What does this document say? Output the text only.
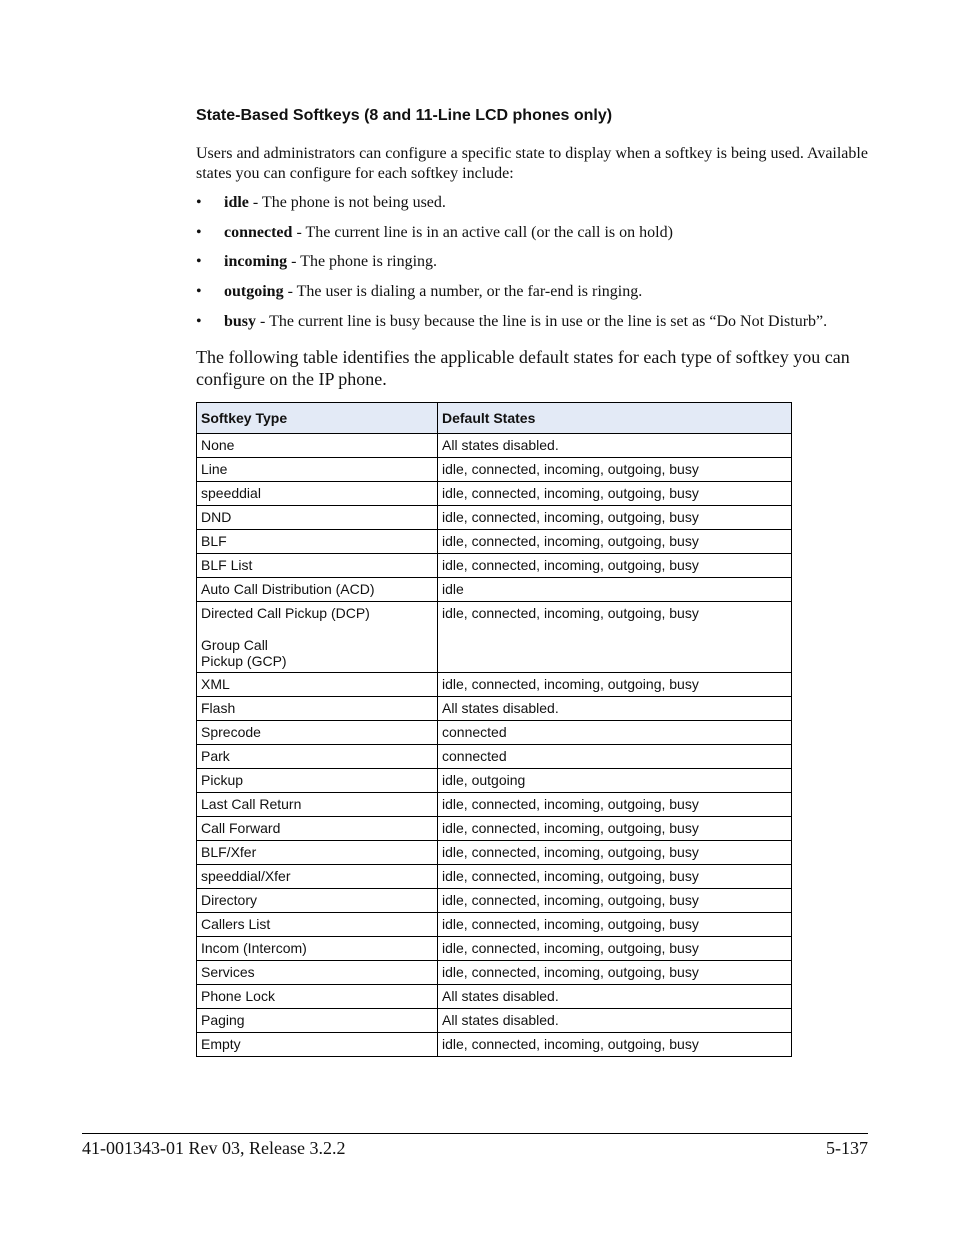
State-Based Softkeys (8 and 11-Line LCD phones only)

Users and administrators can configure a specific state to display when a softkey is being used. Available states you can configure for each softkey include:

• idle - The phone is not being used.
• connected - The current line is in an active call (or the call is on hold)
• incoming - The phone is ringing.
• outgoing - The user is dialing a number, or the far-end is ringing.
• busy - The current line is busy because the line is in use or the line is set as “Do Not Disturb”.

The following table identifies the applicable default states for each type of softkey you can configure on the IP phone.

Softkey Type	Default States
None	All states disabled.
Line	idle, connected, incoming, outgoing, busy
speeddial	idle, connected, incoming, outgoing, busy
DND	idle, connected, incoming, outgoing, busy
BLF	idle, connected, incoming, outgoing, busy
BLF List	idle, connected, incoming, outgoing, busy
Auto Call Distribution (ACD)	idle
Directed Call Pickup (DCP)

Group Call
Pickup (GCP)	idle, connected, incoming, outgoing, busy
XML	idle, connected, incoming, outgoing, busy
Flash	All states disabled.
Sprecode	connected
Park	connected
Pickup	idle, outgoing
Last Call Return	idle, connected, incoming, outgoing, busy
Call Forward	idle, connected, incoming, outgoing, busy
BLF/Xfer	idle, connected, incoming, outgoing, busy
speeddial/Xfer	idle, connected, incoming, outgoing, busy
Directory	idle, connected, incoming, outgoing, busy
Callers List	idle, connected, incoming, outgoing, busy
Incom (Intercom)	idle, connected, incoming, outgoing, busy
Services	idle, connected, incoming, outgoing, busy
Phone Lock	All states disabled.
Paging	All states disabled.
Empty	idle, connected, incoming, outgoing, busy
41-001343-01 Rev 03, Release 3.2.2	5-137
